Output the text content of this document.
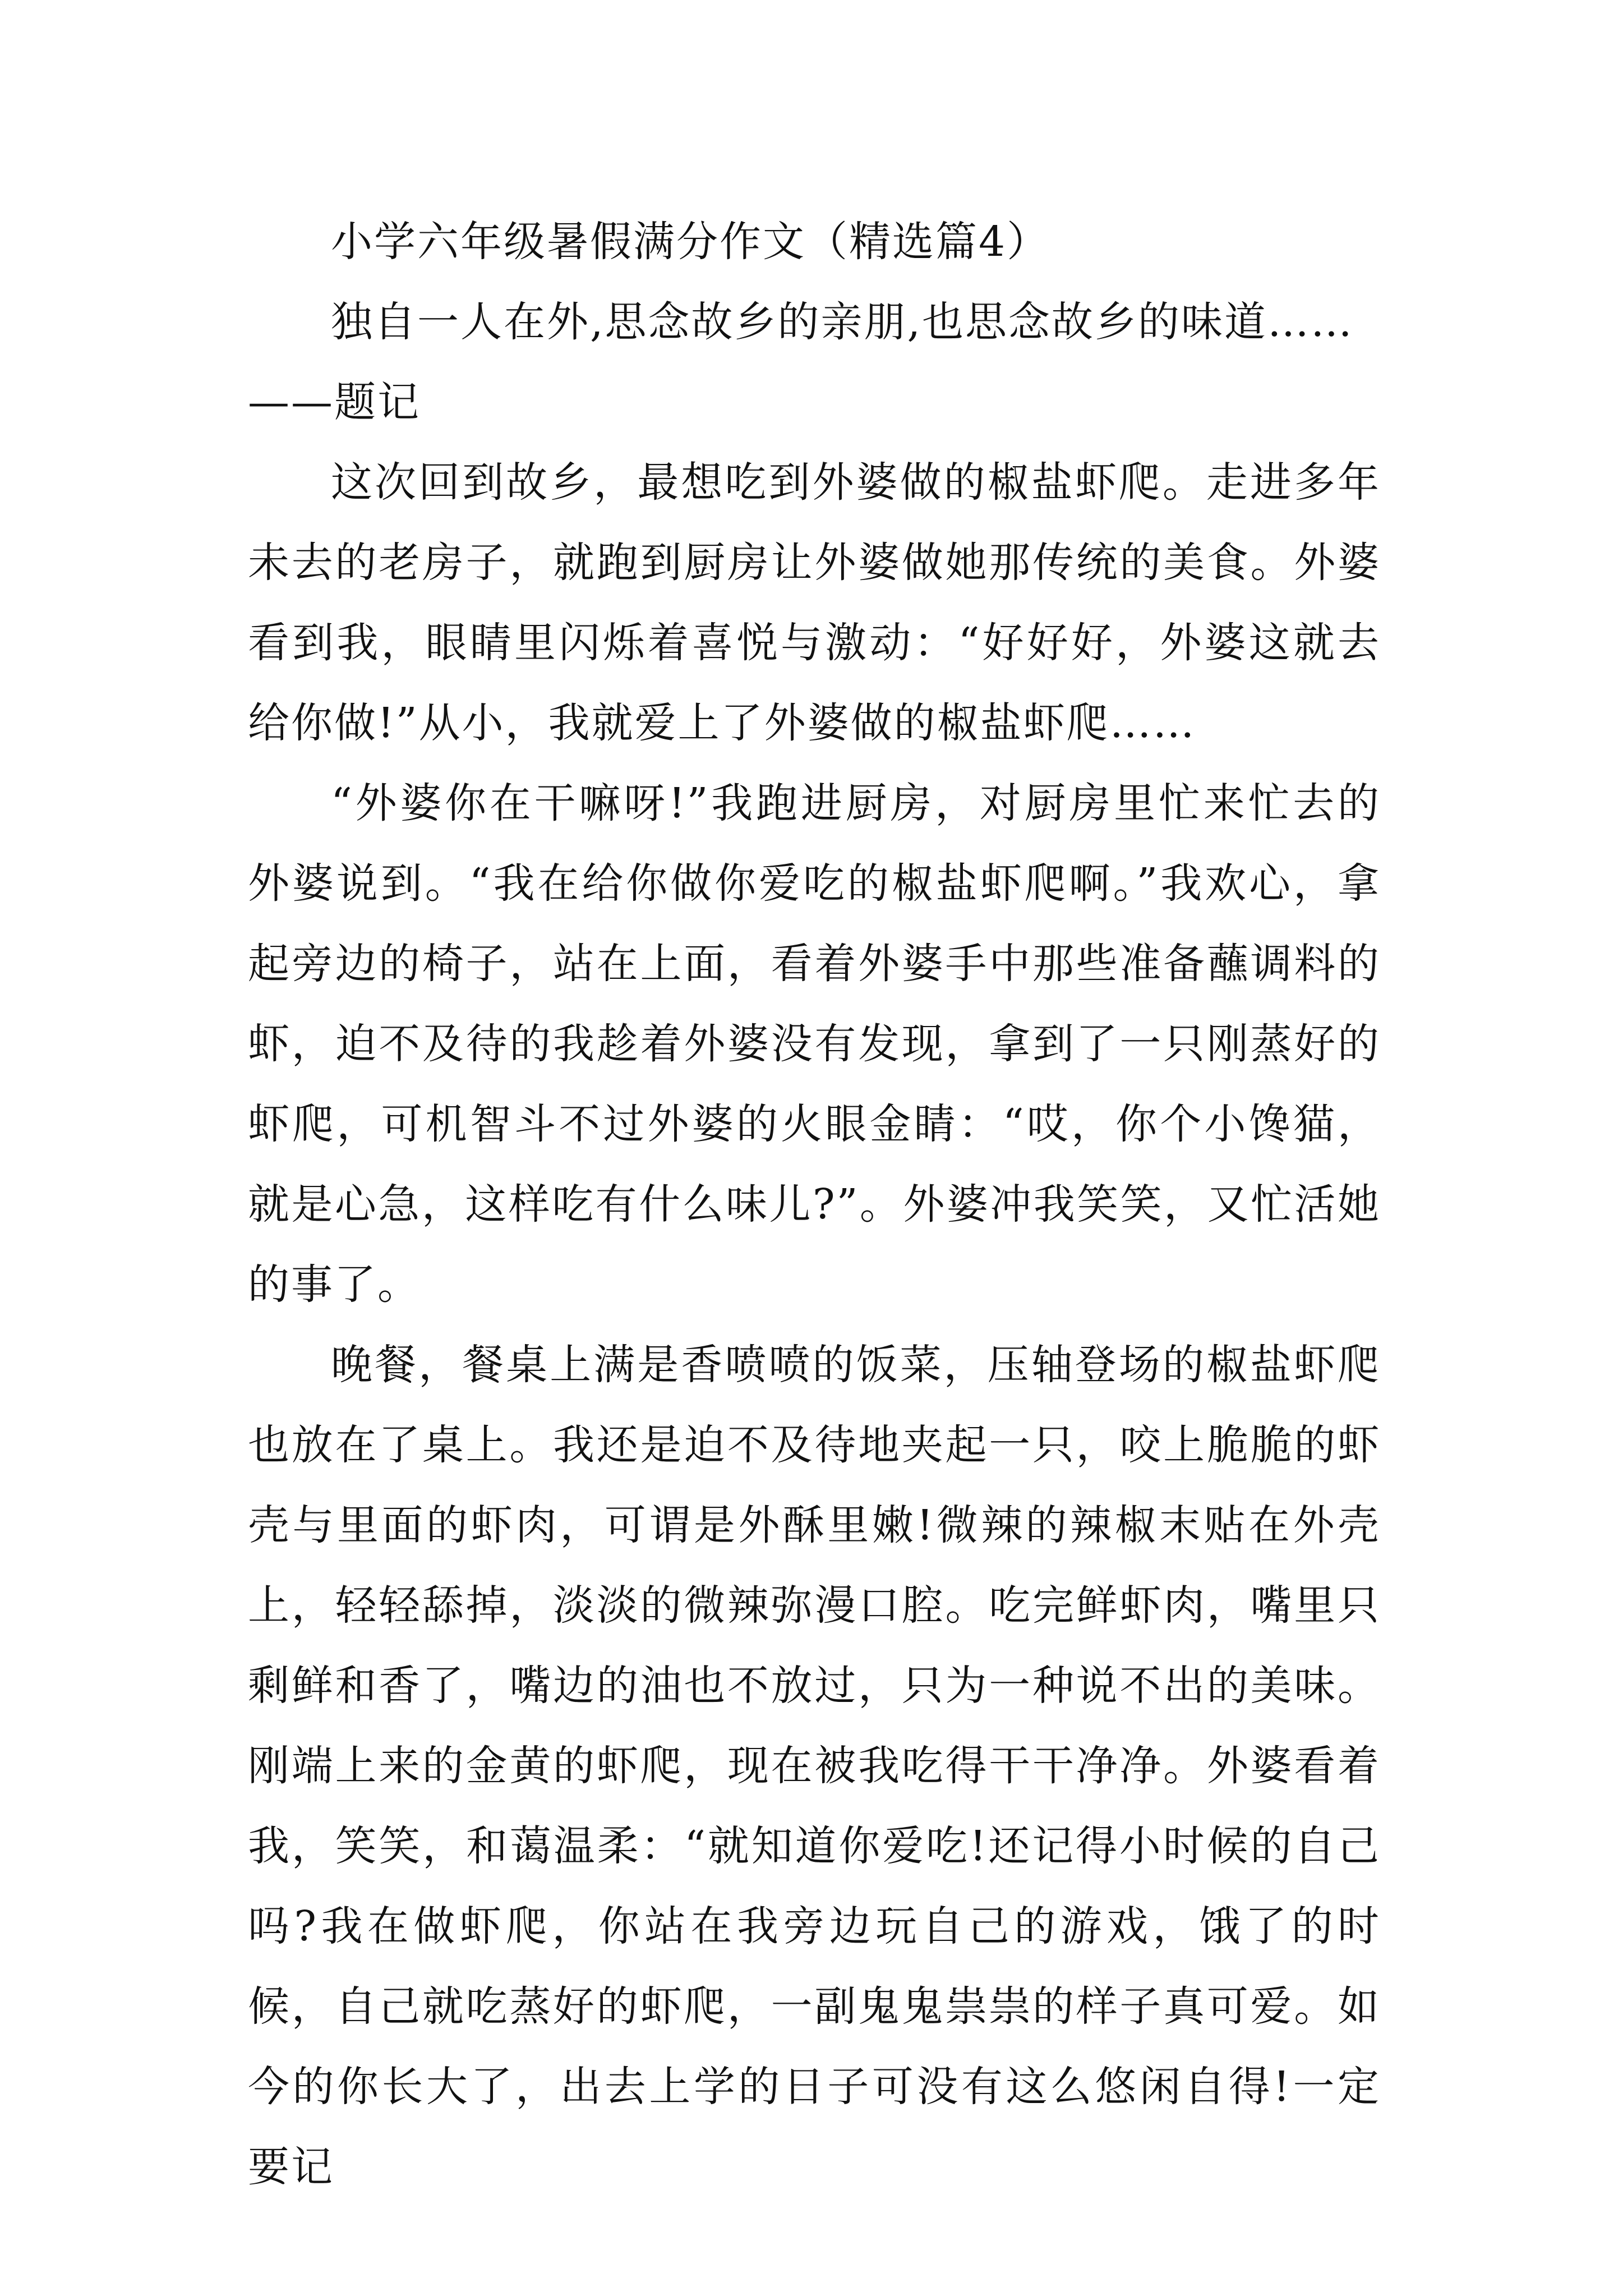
小学六年级暑假满分作文（精选篇4）

独自一人在外,思念故乡的亲朋,也思念故乡的味道……

——题记

这次回到故乡，最想吃到外婆做的椒盐虾爬。走进多年未去的老房子，就跑到厨房让外婆做她那传统的美食。外婆看到我，眼睛里闪烁着喜悦与激动：“好好好，外婆这就去给你做!”从小，我就爱上了外婆做的椒盐虾爬……

“外婆你在干嘛呀!”我跑进厨房，对厨房里忙来忙去的外婆说到。“我在给你做你爱吃的椒盐虾爬啊。”我欢心，拿起旁边的椅子，站在上面，看着外婆手中那些准备蘸调料的虾，迫不及待的我趁着外婆没有发现，拿到了一只刚蒸好的虾爬，可机智斗不过外婆的火眼金睛：“哎，你个小馋猫，就是心急，这样吃有什么味儿?”。外婆冲我笑笑，又忙活她的事了。

晚餐，餐桌上满是香喷喷的饭菜，压轴登场的椒盐虾爬也放在了桌上。我还是迫不及待地夹起一只，咬上脆脆的虾壳与里面的虾肉，可谓是外酥里嫩!微辣的辣椒末贴在外壳上，轻轻舔掉，淡淡的微辣弥漫口腔。吃完鲜虾肉，嘴里只剩鲜和香了，嘴边的油也不放过，只为一种说不出的美味。刚端上来的金黄的虾爬，现在被我吃得干干净净。外婆看着我，笑笑，和蔼温柔：“就知道你爱吃!还记得小时候的自己吗?我在做虾爬，你站在我旁边玩自己的游戏，饿了的时候，自己就吃蒸好的虾爬，一副鬼鬼祟祟的样子真可爱。如今的你长大了，出去上学的日子可没有这么悠闲自得!一定要记
